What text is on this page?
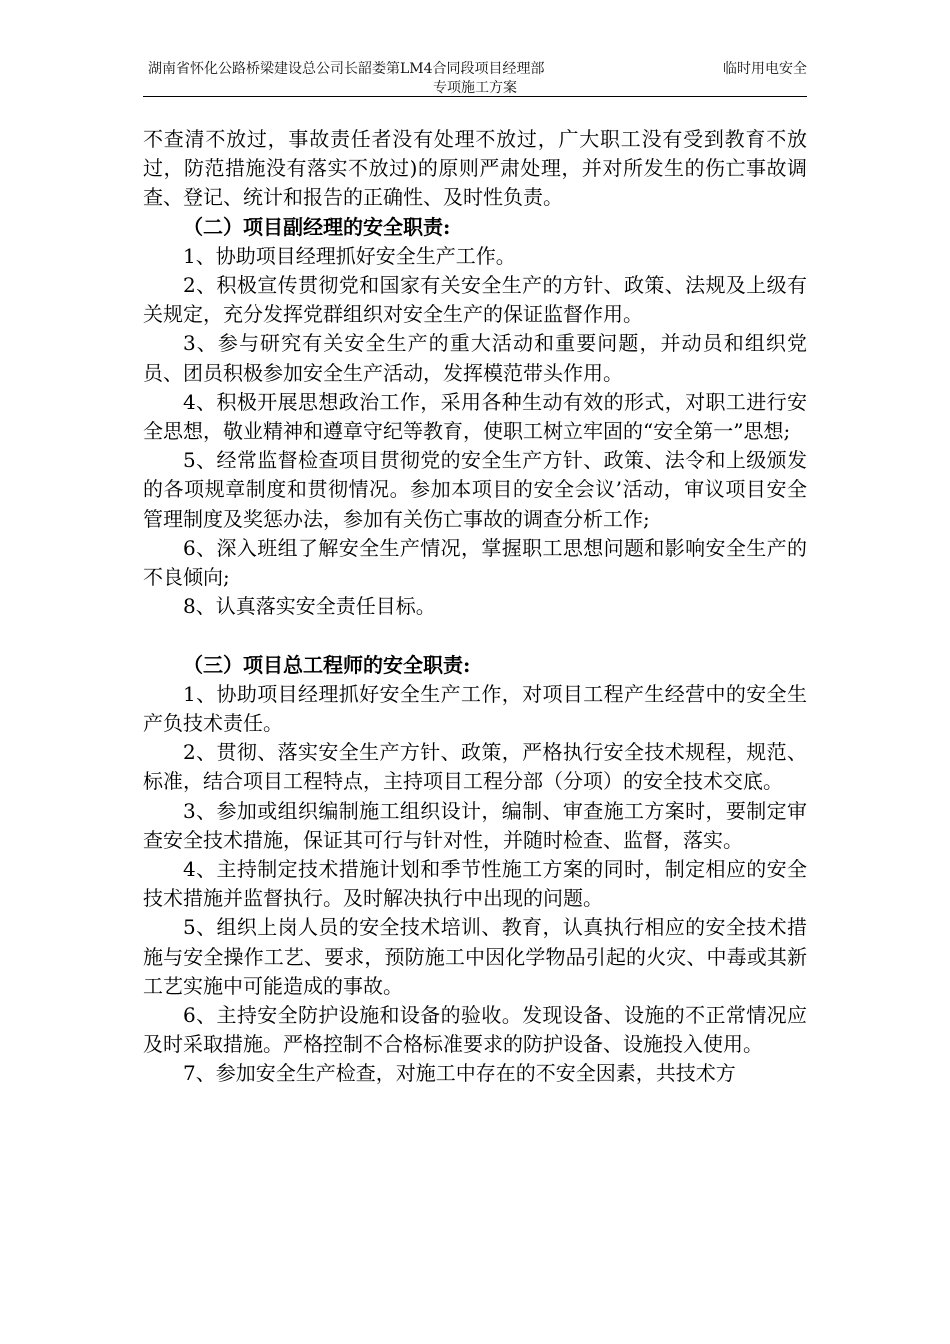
湖南省怀化公路桥梁建设总公司长韶娄第LM4合同段项目经理部	临时用电安全
专项施工方案

不查清不放过，事故责任者没有处理不放过，广大职工没有受到教育不放过，防范措施没有落实不放过)的原则严肃处理，并对所发生的伤亡事故调查、登记、统计和报告的正确性、及时性负责。

（二）项目副经理的安全职责:

1、协助项目经理抓好安全生产工作。

2、积极宣传贯彻党和国家有关安全生产的方针、政策、法规及上级有关规定，充分发挥党群组织对安全生产的保证监督作用。

3、参与研究有关安全生产的重大活动和重要问题，并动员和组织党员、团员积极参加安全生产活动，发挥模范带头作用。

4、积极开展思想政治工作，采用各种生动有效的形式，对职工进行安全思想，敬业精神和遵章守纪等教育，使职工树立牢固的“安全第一”思想;

5、经常监督检查项目贯彻党的安全生产方针、政策、法令和上级颁发的各项规章制度和贯彻情况。参加本项目的安全会议’活动，审议项目安全管理制度及奖惩办法，参加有关伤亡事故的调查分析工作;

6、深入班组了解安全生产情况，掌握职工思想问题和影响安全生产的不良倾向;

8、认真落实安全责任目标。

（三）项目总工程师的安全职责:

1、协助项目经理抓好安全生产工作，对项目工程产生经营中的安全生产负技术责任。

2、贯彻、落实安全生产方针、政策，严格执行安全技术规程，规范、标准，结合项目工程特点，主持项目工程分部（分项）的安全技术交底。

3、参加或组织编制施工组织设计，编制、审查施工方案时，要制定审查安全技术措施，保证其可行与针对性，并随时检查、监督，落实。

4、主持制定技术措施计划和季节性施工方案的同时，制定相应的安全技术措施并监督执行。及时解决执行中出现的问题。

5、组织上岗人员的安全技术培训、教育，认真执行相应的安全技术措施与安全操作工艺、要求，预防施工中因化学物品引起的火灾、中毒或其新工艺实施中可能造成的事故。

6、主持安全防护设施和设备的验收。发现设备、设施的不正常情况应及时采取措施。严格控制不合格标准要求的防护设备、设施投入使用。

7、参加安全生产检查，对施工中存在的不安全因素，共技术方
